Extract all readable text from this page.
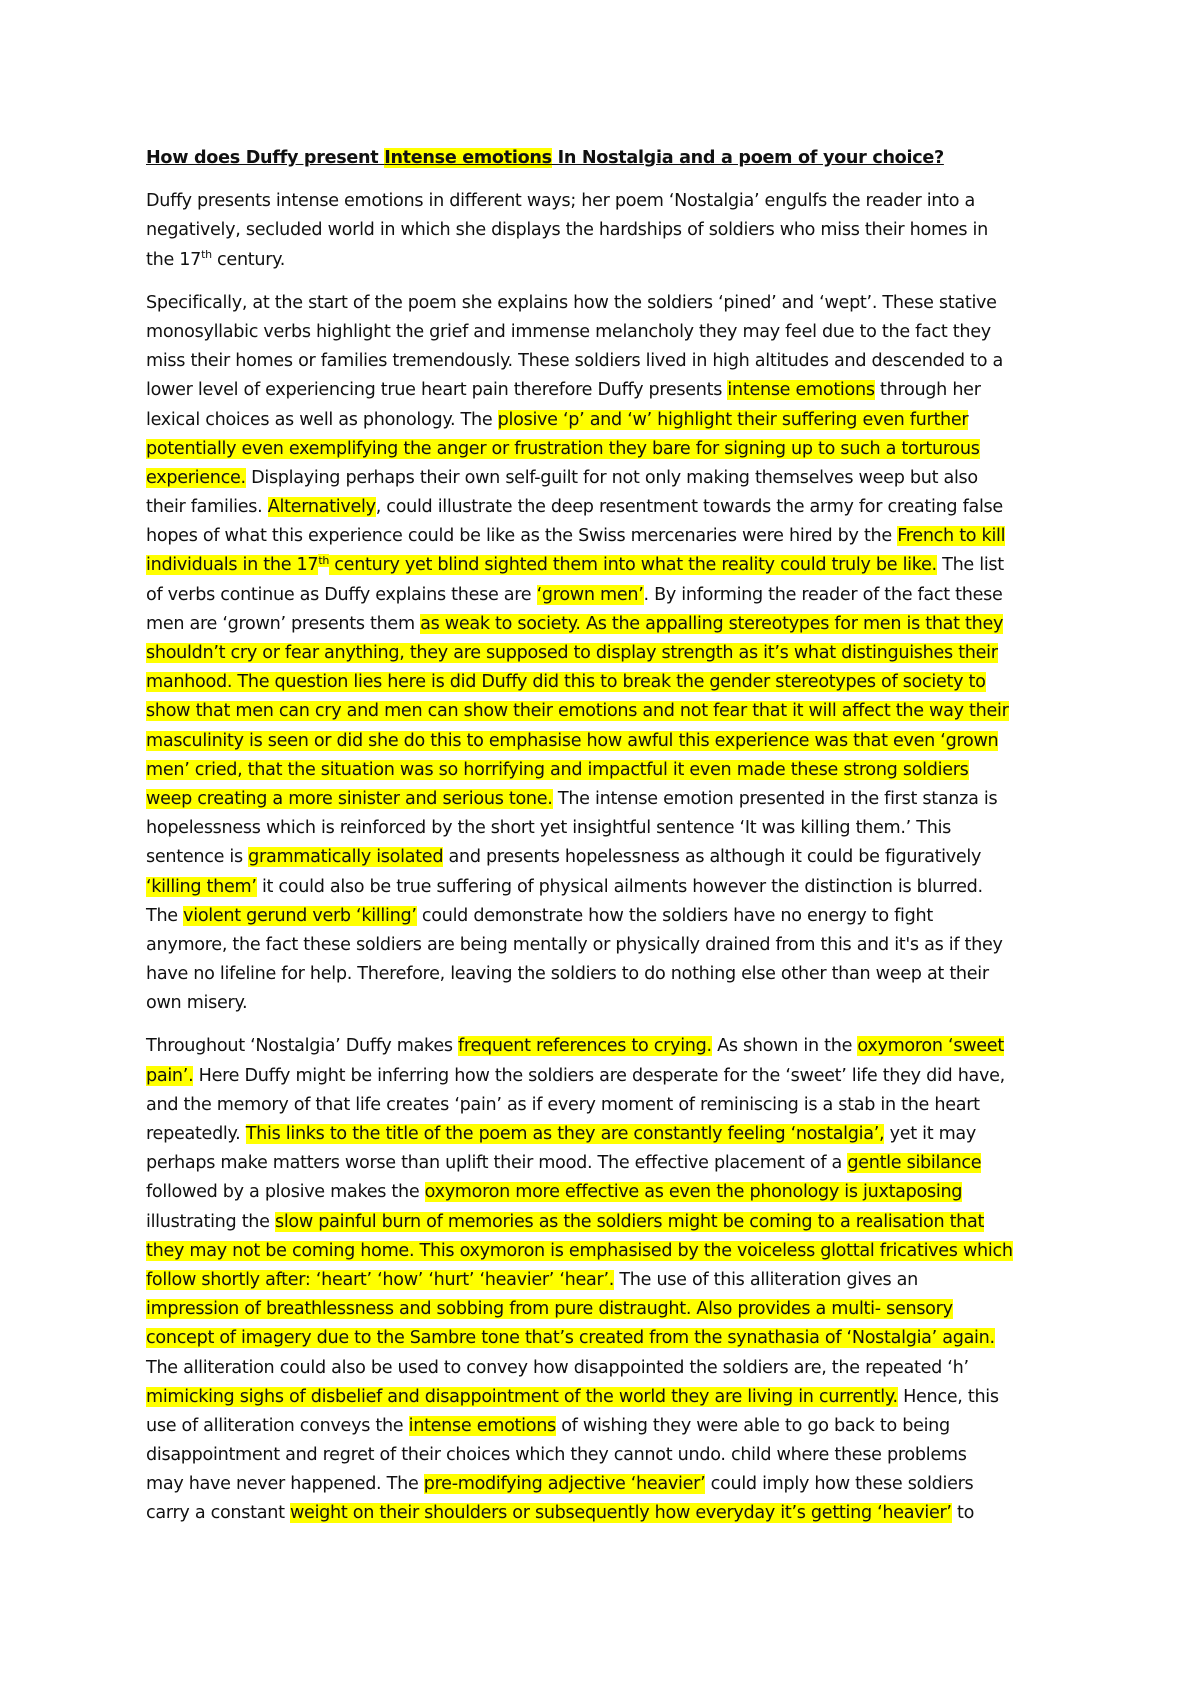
How does Duffy present Intense emotions In Nostalgia and a poem of your choice?

Duffy presents intense emotions in different ways; her poem ‘Nostalgia’ engulfs the reader into a
negatively, secluded world in which she displays the hardships of soldiers who miss their homes in
the 17th century.

Specifically, at the start of the poem she explains how the soldiers ‘pined’ and ‘wept’. These stative
monosyllabic verbs highlight the grief and immense melancholy they may feel due to the fact they
miss their homes or families tremendously. These soldiers lived in high altitudes and descended to a
lower level of experiencing true heart pain therefore Duffy presents intense emotions through her
lexical choices as well as phonology. The plosive ‘p’ and ‘w’ highlight their suffering even further
potentially even exemplifying the anger or frustration they bare for signing up to such a torturous
experience. Displaying perhaps their own self-guilt for not only making themselves weep but also
their families. Alternatively, could illustrate the deep resentment towards the army for creating false
hopes of what this experience could be like as the Swiss mercenaries were hired by the French to kill
individuals in the 17th century yet blind sighted them into what the reality could truly be like. The list
of verbs continue as Duffy explains these are ‘grown men’. By informing the reader of the fact these
men are ‘grown’ presents them as weak to society. As the appalling stereotypes for men is that they
shouldn’t cry or fear anything, they are supposed to display strength as it’s what distinguishes their
manhood. The question lies here is did Duffy did this to break the gender stereotypes of society to
show that men can cry and men can show their emotions and not fear that it will affect the way their
masculinity is seen or did she do this to emphasise how awful this experience was that even ‘grown
men’ cried, that the situation was so horrifying and impactful it even made these strong soldiers
weep creating a more sinister and serious tone. The intense emotion presented in the first stanza is
hopelessness which is reinforced by the short yet insightful sentence ‘It was killing them.’ This
sentence is grammatically isolated and presents hopelessness as although it could be figuratively
‘killing them’ it could also be true suffering of physical ailments however the distinction is blurred.
The violent gerund verb ‘killing’ could demonstrate how the soldiers have no energy to fight
anymore, the fact these soldiers are being mentally or physically drained from this and it's as if they
have no lifeline for help. Therefore, leaving the soldiers to do nothing else other than weep at their
own misery.

Throughout ‘Nostalgia’ Duffy makes frequent references to crying. As shown in the oxymoron ‘sweet
pain’. Here Duffy might be inferring how the soldiers are desperate for the ‘sweet’ life they did have,
and the memory of that life creates ‘pain’ as if every moment of reminiscing is a stab in the heart
repeatedly. This links to the title of the poem as they are constantly feeling ‘nostalgia’, yet it may
perhaps make matters worse than uplift their mood. The effective placement of a gentle sibilance
followed by a plosive makes the oxymoron more effective as even the phonology is juxtaposing
illustrating the slow painful burn of memories as the soldiers might be coming to a realisation that
they may not be coming home. This oxymoron is emphasised by the voiceless glottal fricatives which
follow shortly after: ‘heart’ ‘how’ ‘hurt’ ‘heavier’ ‘hear’. The use of this alliteration gives an
impression of breathlessness and sobbing from pure distraught. Also provides a multi- sensory
concept of imagery due to the Sambre tone that’s created from the synathasia of ‘Nostalgia’ again.
The alliteration could also be used to convey how disappointed the soldiers are, the repeated ‘h’
mimicking sighs of disbelief and disappointment of the world they are living in currently. Hence, this
use of alliteration conveys the intense emotions of wishing they were able to go back to being
disappointment and regret of their choices which they cannot undo. child where these problems
may have never happened. The pre-modifying adjective ‘heavier’ could imply how these soldiers
carry a constant weight on their shoulders or subsequently how everyday it’s getting ‘heavier’ to
